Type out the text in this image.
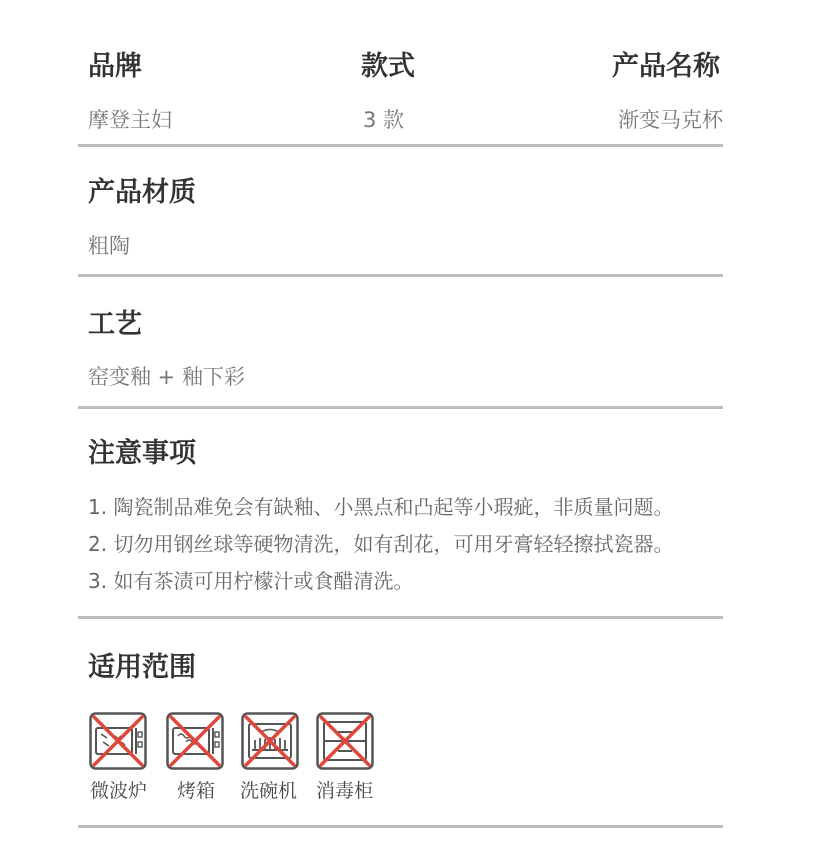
品牌	款式	产品名称
摩登主妇	3 款	渐变马克杯
产品材质
粗陶
工艺
窑变釉 + 釉下彩
注意事项
1. 陶瓷制品难免会有缺釉、小黑点和凸起等小瑕疵，非质量问题。
2. 切勿用钢丝球等硬物清洗，如有刮花，可用牙膏轻轻擦拭瓷器。
3. 如有茶渍可用柠檬汁或食醋清洗。
适用范围
微波炉 烤箱 洗碗机 消毒柜
